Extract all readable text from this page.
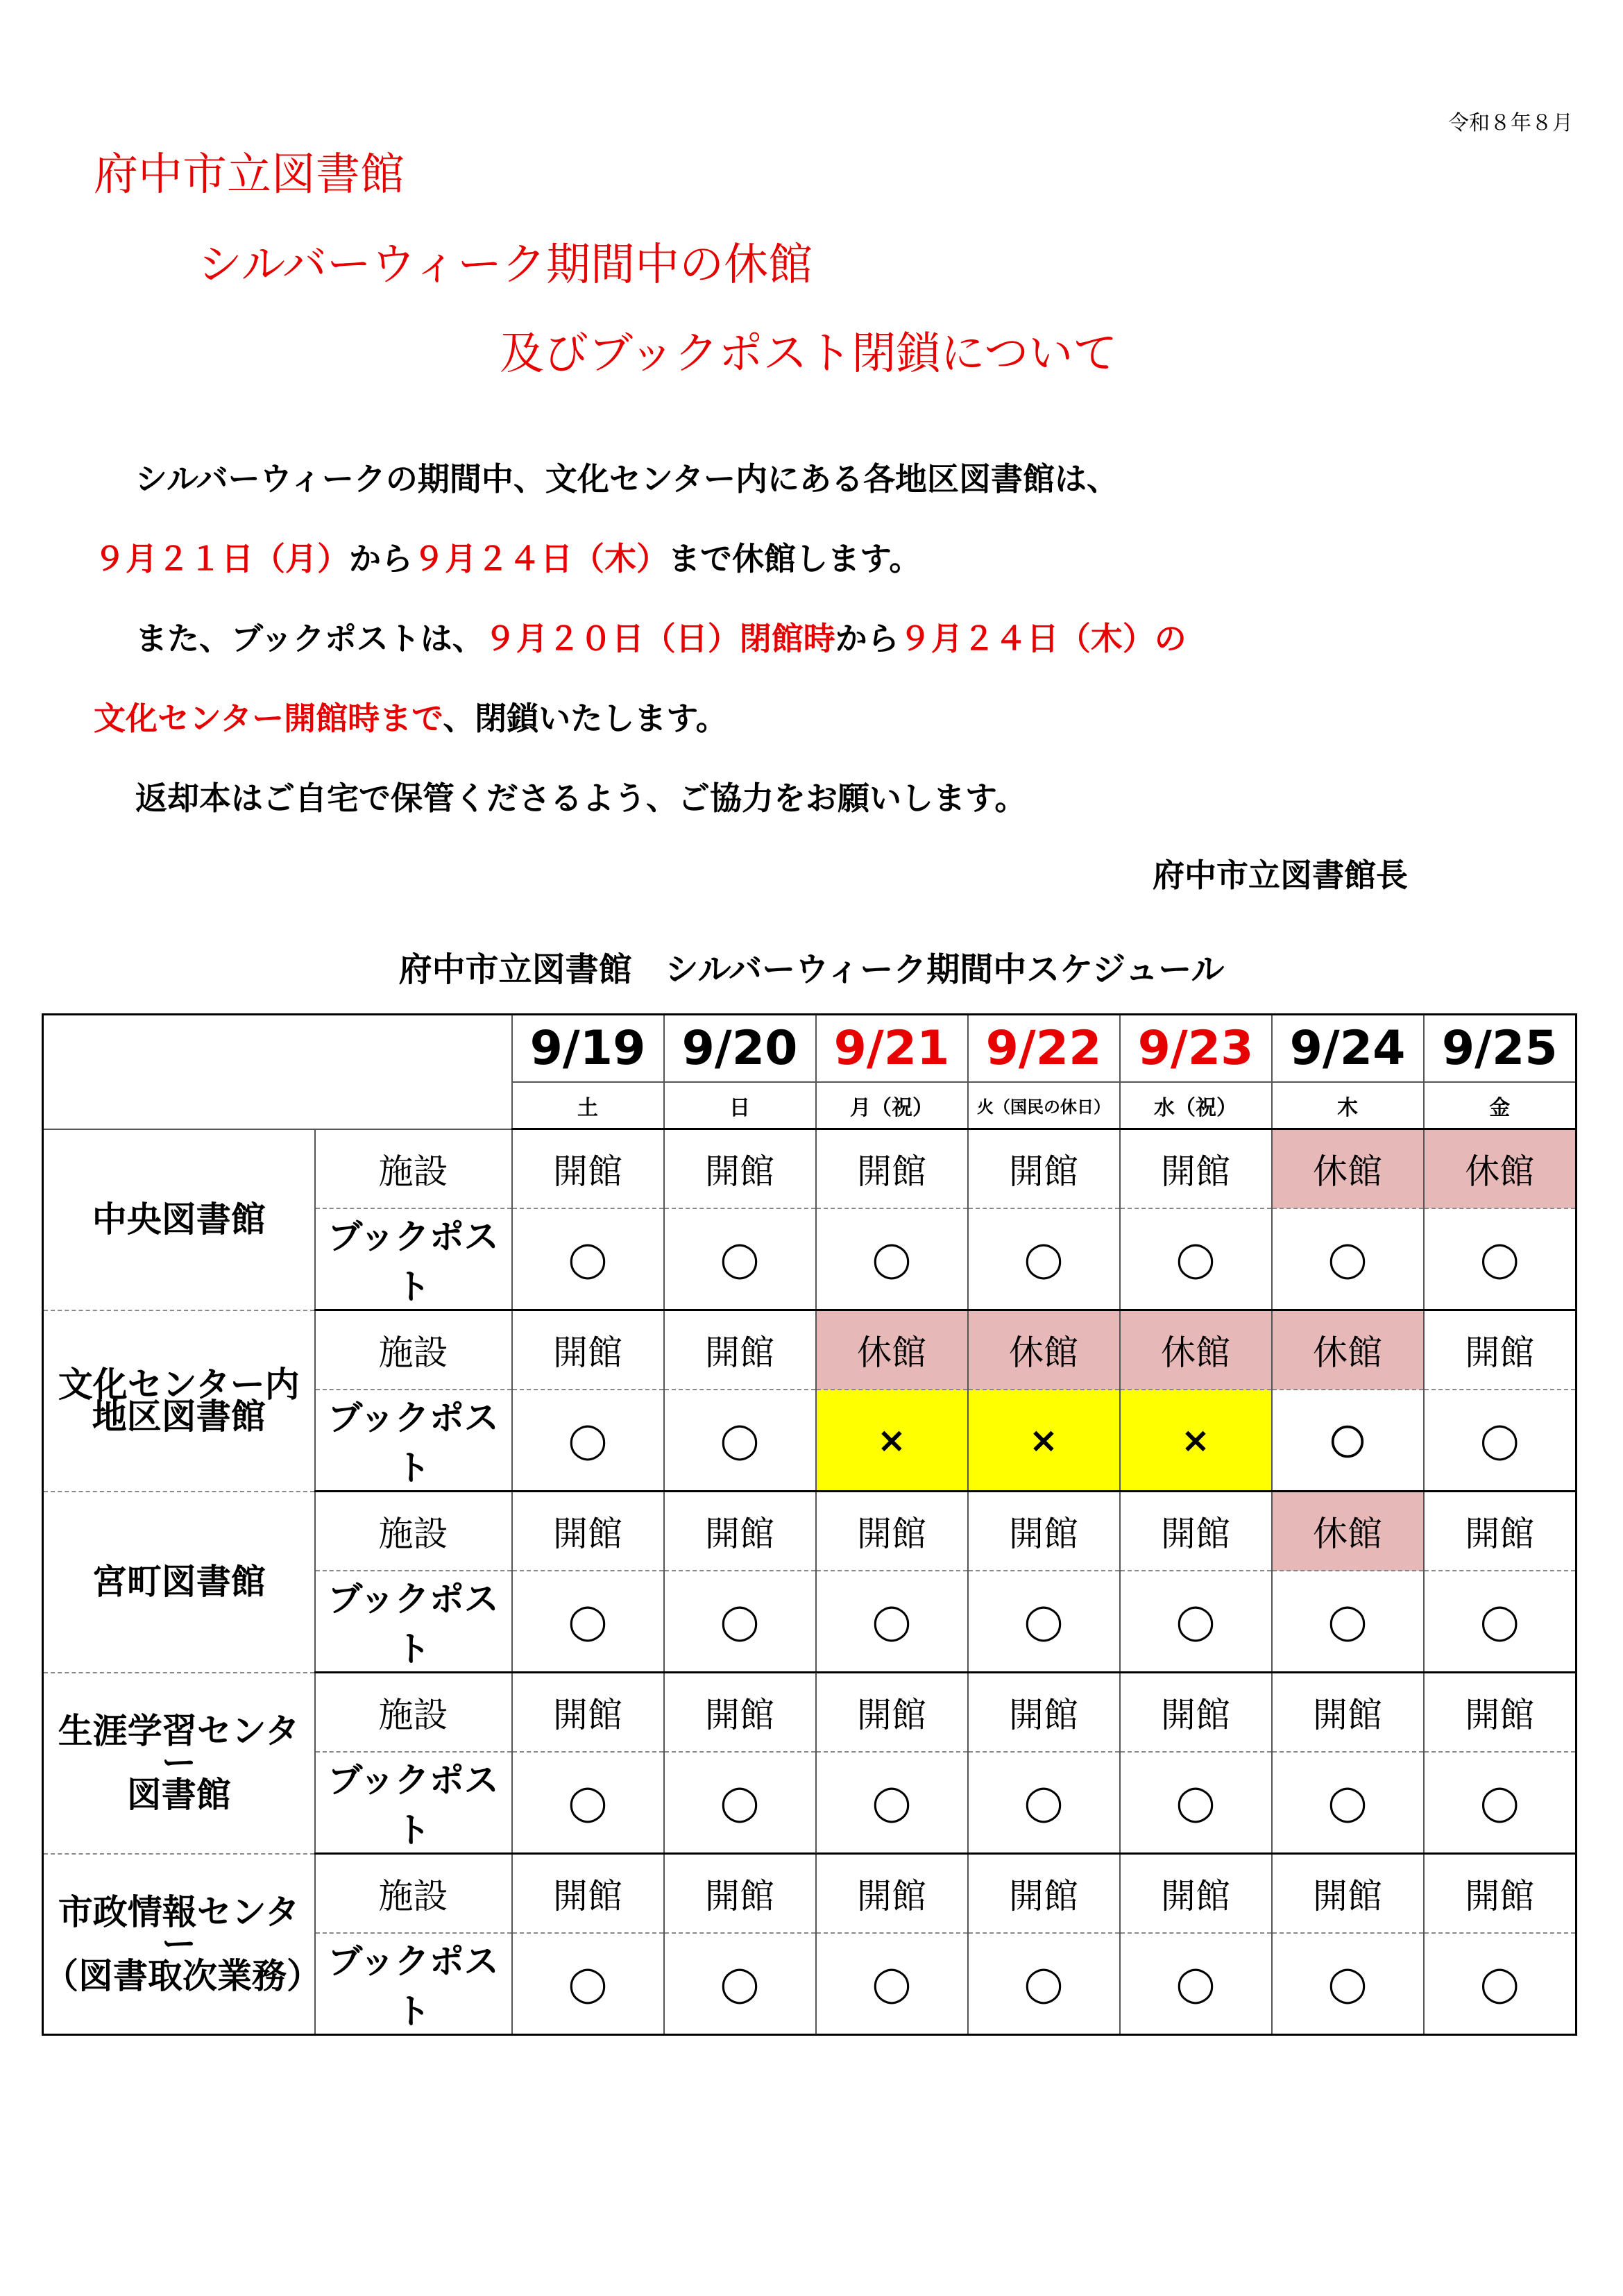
令和８年８月
府中市立図書館
シルバーウィーク期間中の休館
及びブックポスト閉鎖について
シルバーウィークの期間中、文化センター内にある各地区図書館は、
９月２１日（月）から９月２４日（木）まで休館します。
また、ブックポストは、９月２０日（日）閉館時から９月２４日（木）の
文化センター開館時まで、閉鎖いたします。
返却本はご自宅で保管くださるよう、ご協力をお願いします。
府中市立図書館長
府中市立図書館　シルバーウィーク期間中スケジュール
		9/19	9/20	9/21	9/22	9/23	9/24	9/25
		土	日	月（祝）	火（国民の休日）	水（祝）	木	金
中央図書館	施設	開館	開館	開館	開館	開館	休館	休館
	ブックポスト	◯	◯	◯	◯	◯	◯	◯
文化センター内
地区図書館	施設	開館	開館	休館	休館	休館	休館	開館
	ブックポスト	◯	◯	×	×	×	〇	◯
宮町図書館	施設	開館	開館	開館	開館	開館	休館	開館
	ブックポスト	◯	◯	◯	◯	◯	◯	◯
生涯学習センター
図書館	施設	開館	開館	開館	開館	開館	開館	開館
	ブックポスト	◯	◯	◯	◯	◯	◯	◯
市政情報センター
（図書取次業務）	施設	開館	開館	開館	開館	開館	開館	開館
	ブックポスト	◯	◯	◯	◯	◯	◯	◯
